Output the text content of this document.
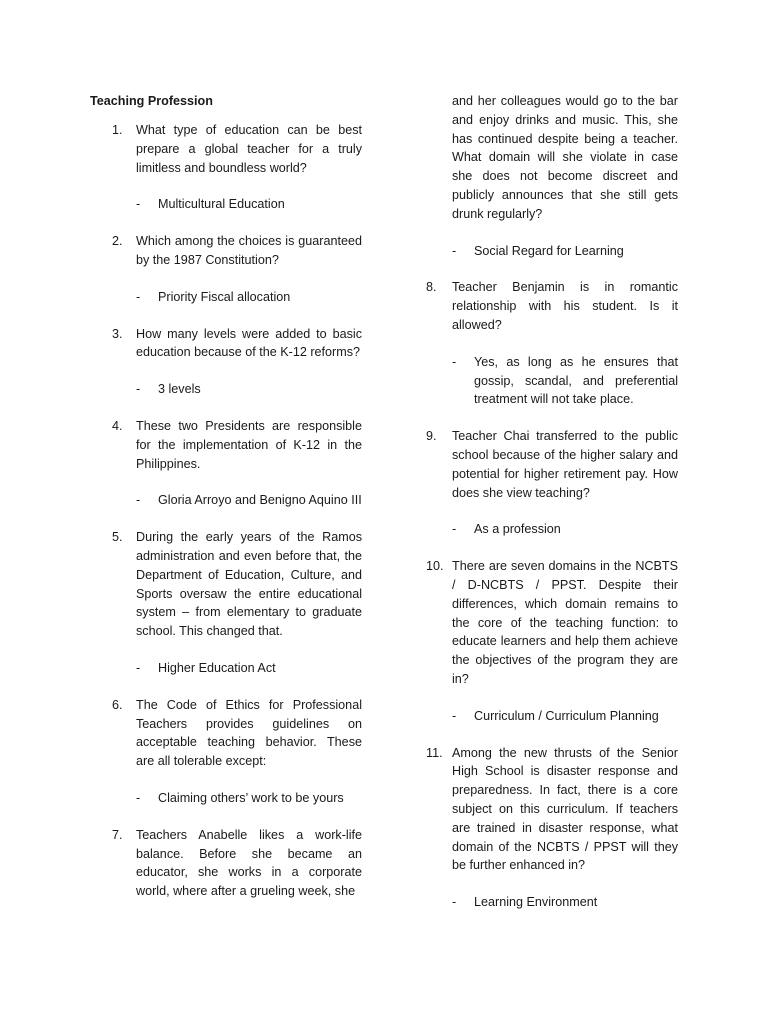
Teaching Profession
1. What type of education can be best prepare a global teacher for a truly limitless and boundless world?

- Multicultural Education
2. Which among the choices is guaranteed by the 1987 Constitution?

- Priority Fiscal allocation
3. How many levels were added to basic education because of the K-12 reforms?

- 3 levels
4. These two Presidents are responsible for the implementation of K-12 in the Philippines.

- Gloria Arroyo and Benigno Aquino III
5. During the early years of the Ramos administration and even before that, the Department of Education, Culture, and Sports oversaw the entire educational system – from elementary to graduate school. This changed that.

- Higher Education Act
6. The Code of Ethics for Professional Teachers provides guidelines on acceptable teaching behavior. These are all tolerable except:

- Claiming others’ work to be yours
7. Teachers Anabelle likes a work-life balance. Before she became an educator, she works in a corporate world, where after a grueling week, she

and her colleagues would go to the bar and enjoy drinks and music. This, she has continued despite being a teacher. What domain will she violate in case she does not become discreet and publicly announces that she still gets drunk regularly?

- Social Regard for Learning
8. Teacher Benjamin is in romantic relationship with his student. Is it allowed?

- Yes, as long as he ensures that gossip, scandal, and preferential treatment will not take place.
9. Teacher Chai transferred to the public school because of the higher salary and potential for higher retirement pay. How does she view teaching?

- As a profession
10. There are seven domains in the NCBTS / D-NCBTS / PPST. Despite their differences, which domain remains to the core of the teaching function: to educate learners and help them achieve the objectives of the program they are in?

- Curriculum / Curriculum Planning
11. Among the new thrusts of the Senior High School is disaster response and preparedness. In fact, there is a core subject on this curriculum. If teachers are trained in disaster response, what domain of the NCBTS / PPST will they be further enhanced in?

- Learning Environment
